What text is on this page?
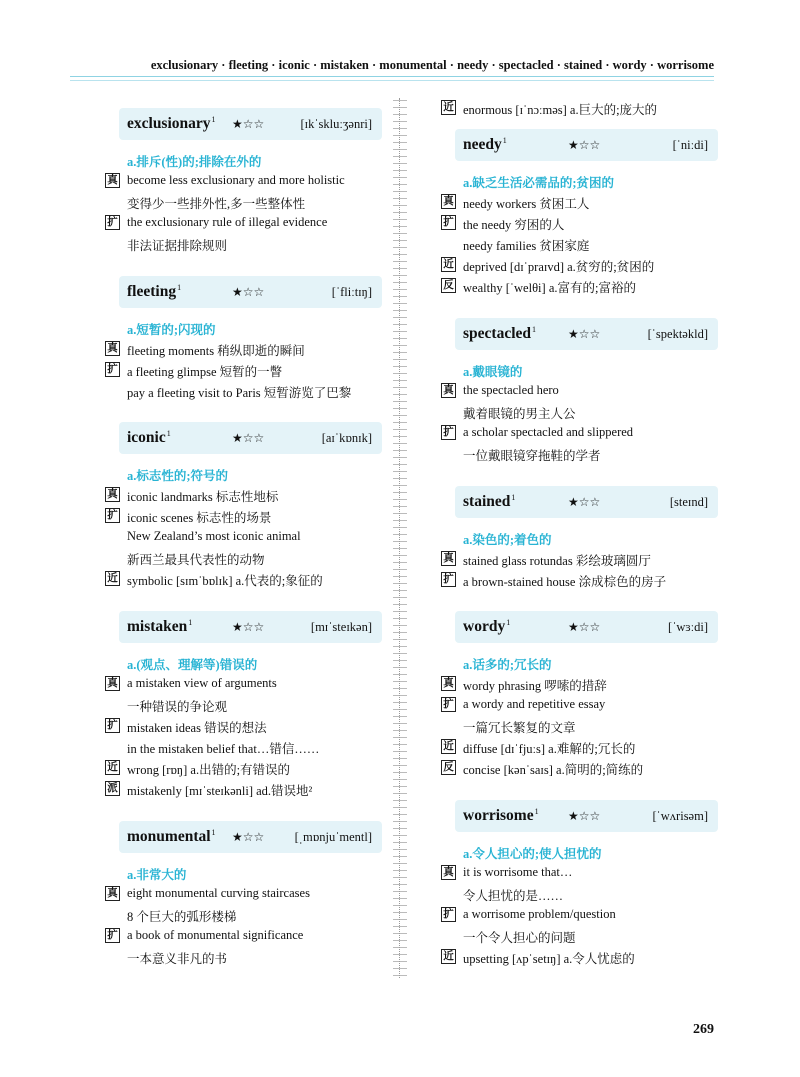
exclusionary · fleeting · iconic · mistaken · monumental · needy · spectacled · stained · wordy · worrisome
exclusionary$^1$ ★☆☆	[ɪkˈskluːʒənri]
a.排斥(性)的;排除在外的
真 become less exclusionary and more holistic
变得少一些排外性,多一些整体性
扩 the exclusionary rule of illegal evidence
非法证据排除规则
fleeting$^1$	★☆☆	[ˈfliːtɪŋ]
a.短暂的;闪现的
真 fleeting moments 稍纵即逝的瞬间
扩 a fleeting glimpse 短暂的一瞥
pay a fleeting visit to Paris 短暂游览了巴黎
iconic$^1$	★☆☆	[aɪˈkɒnɪk]
a.标志性的;符号的
真 iconic landmarks 标志性地标
扩 iconic scenes 标志性的场景
New Zealand’s most iconic animal
新西兰最具代表性的动物
近 symbolic [sɪmˈbɒlɪk] a.代表的;象征的
mistaken$^1$	★☆☆	[mɪˈsteɪkən]
a.(观点、理解等)错误的
真 a mistaken view of arguments
一种错误的争论观
扩 mistaken ideas 错误的想法
in the mistaken belief that…错信……
近 wrong [rɒŋ] a.出错的;有错误的
派 mistakenly [mɪˈsteɪkənli] ad.错误地²
monumental$^1$ ★☆☆ [ˌmɒnjuˈmentl]
a.非常大的
真 eight monumental curving staircases
8 个巨大的弧形楼梯
扩 a book of monumental significance
一本意义非凡的书
近 enormous [ɪˈnɔːməs] a.巨大的;庞大的
needy$^1$	★☆☆	[ˈniːdi]
a.缺乏生活必需品的;贫困的
真 needy workers 贫困工人
扩 the needy 穷困的人
needy families 贫困家庭
近 deprived [dɪˈpraɪvd] a.贫穷的;贫困的
反 wealthy [ˈwelθi] a.富有的;富裕的
spectacled$^1$	★☆☆	[ˈspektəkld]
a.戴眼镜的
真 the spectacled hero
戴着眼镜的男主人公
扩 a scholar spectacled and slippered
一位戴眼镜穿拖鞋的学者
stained$^1$	★☆☆	[steɪnd]
a.染色的;着色的
真 stained glass rotundas 彩绘玻璃圆厅
扩 a brown-stained house 涂成棕色的房子
wordy$^1$	★☆☆	[ˈwɜːdi]
a.话多的;冗长的
真 wordy phrasing 啰嗦的措辞
扩 a wordy and repetitive essay
一篇冗长繁复的文章
近 diffuse [dɪˈfjuːs] a.难解的;冗长的
反 concise [kənˈsaɪs] a.简明的;简练的
worrisome$^1$ ★☆☆	[ˈwʌrisəm]
a.令人担心的;使人担忧的
真 it is worrisome that…
令人担忧的是……
扩 a worrisome problem/question
一个令人担心的问题
近 upsetting [ʌpˈsetɪŋ] a.令人忧虑的
269
